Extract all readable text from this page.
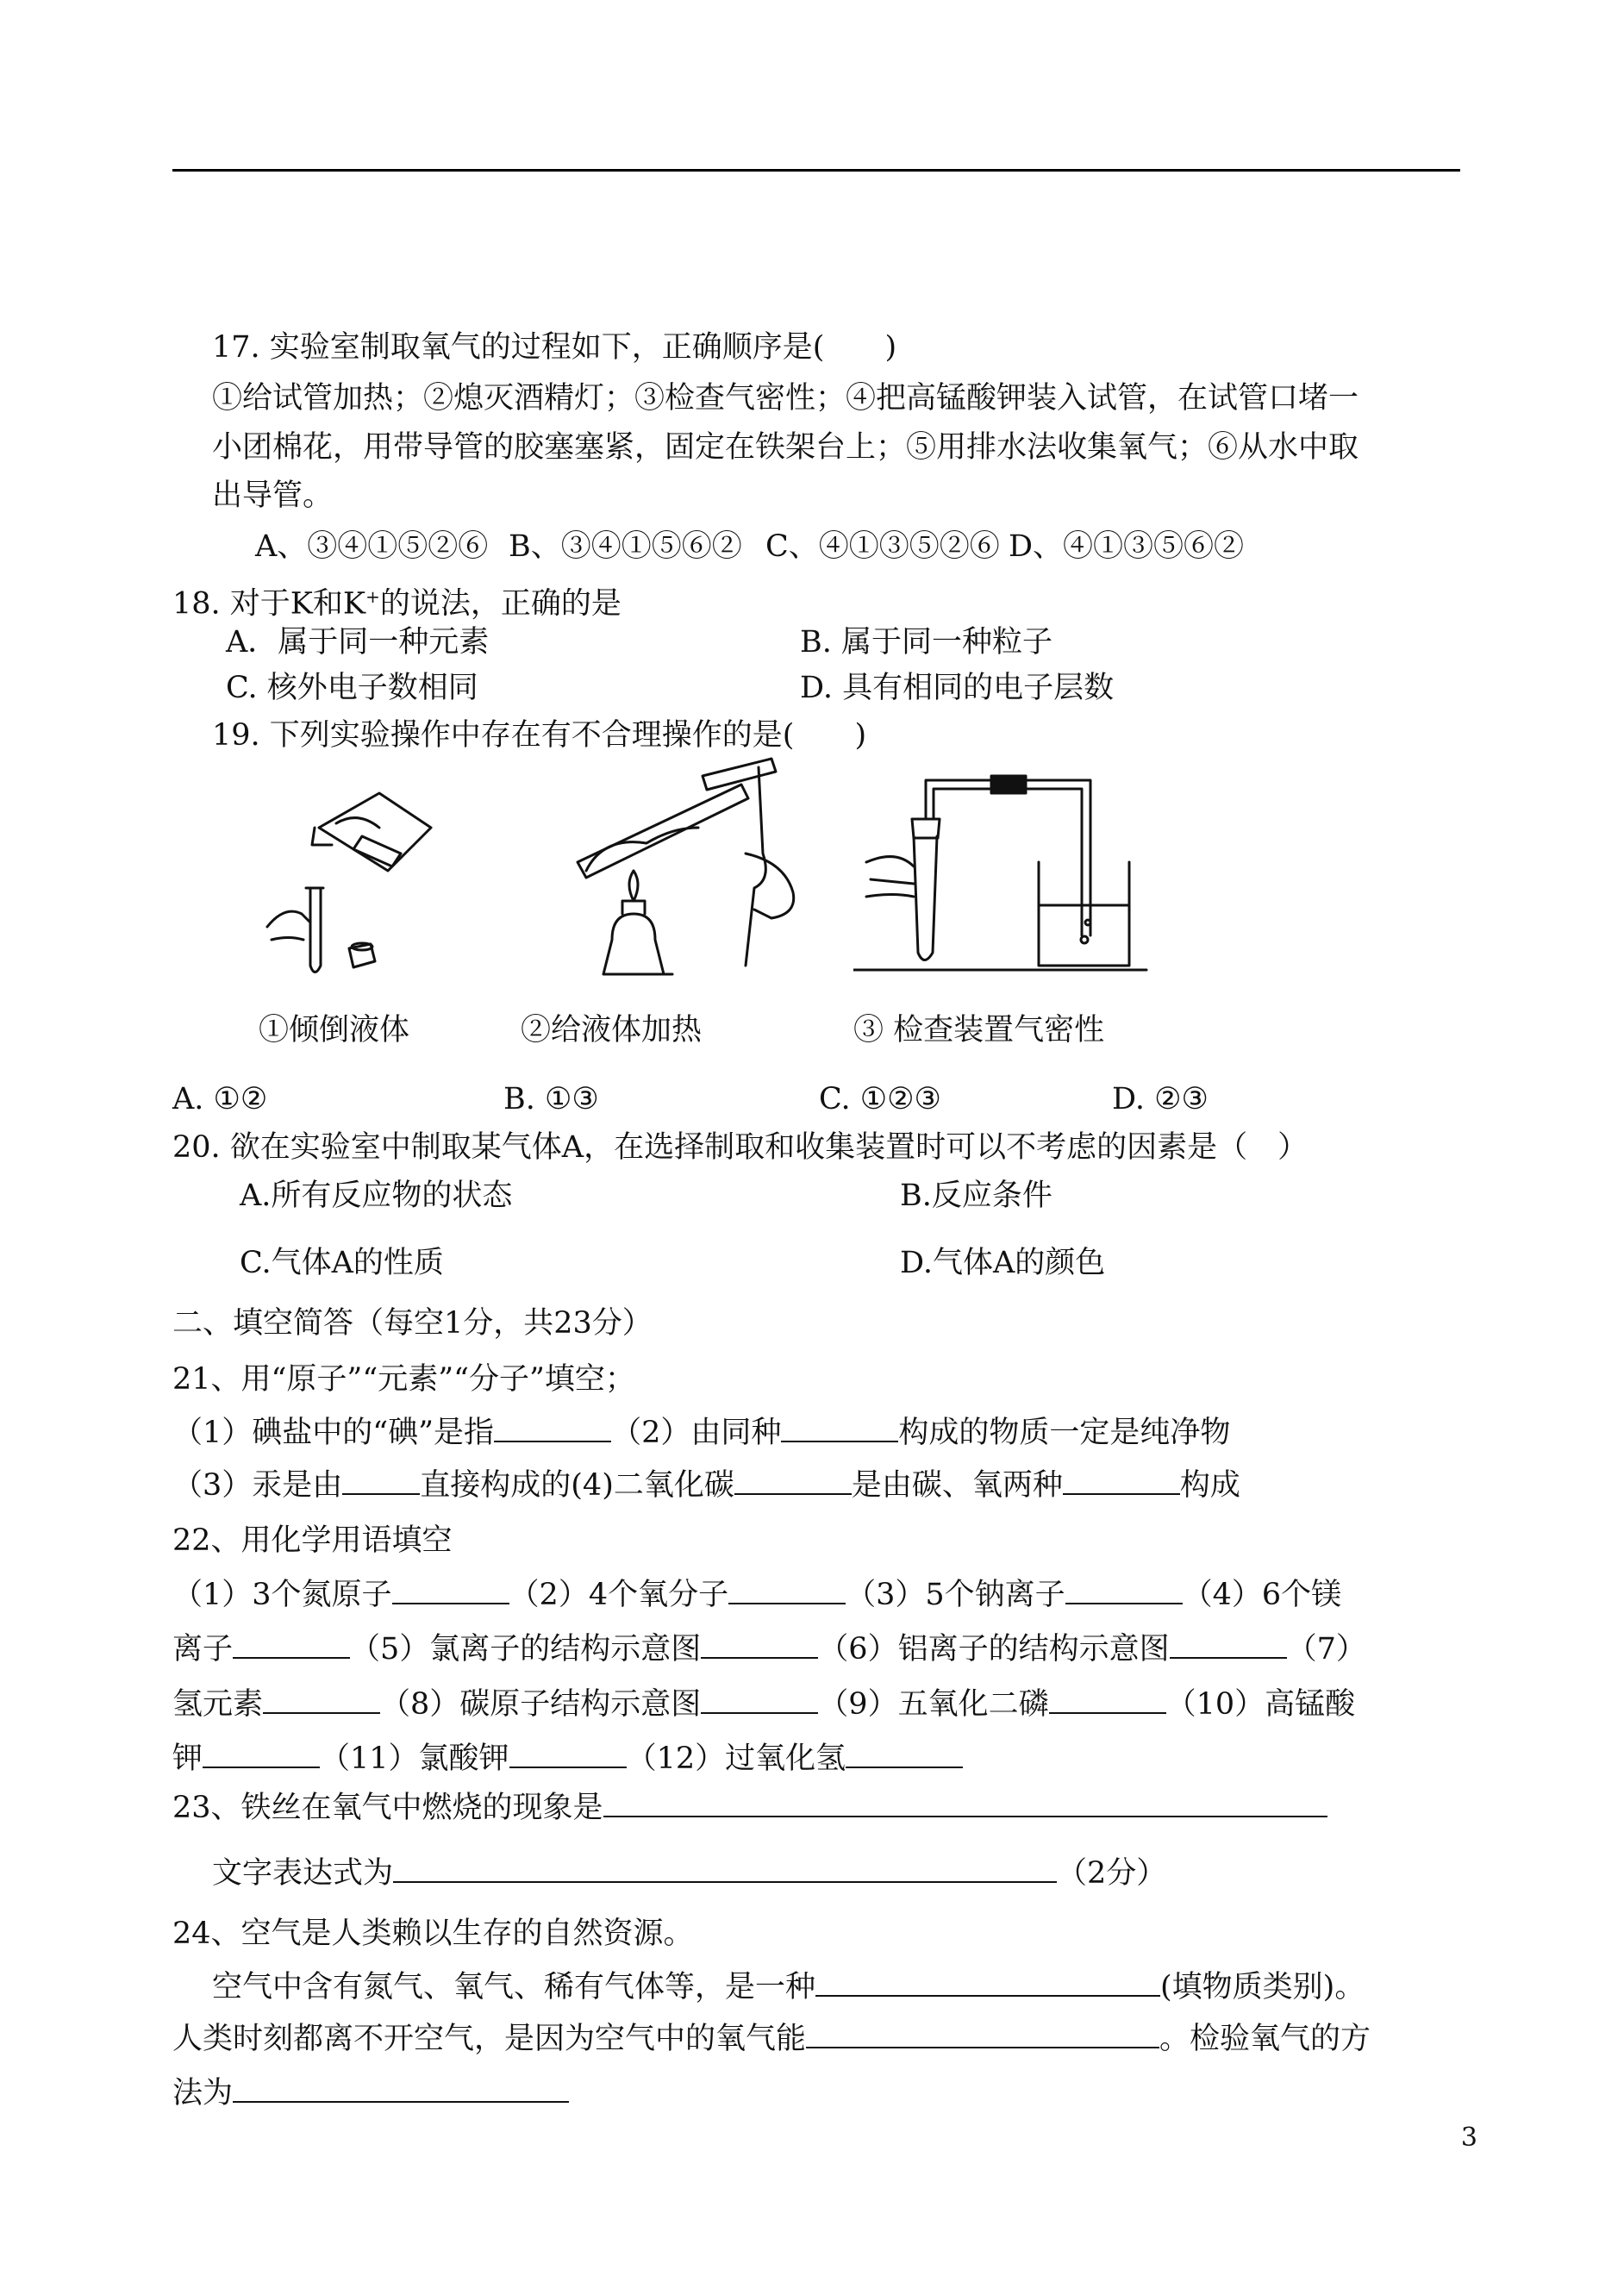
17. 实验室制取氧气的过程如下，正确顺序是(　　)
①给试管加热；②熄灭酒精灯；③检查气密性；④把高锰酸钾装入试管，在试管口堵一
小团棉花，用带导管的胶塞塞紧，固定在铁架台上；⑤用排水法收集氧气；⑥从水中取
出导管。
A、③④①⑤②⑥ B、③④①⑤⑥② C、④①③⑤②⑥ D、④①③⑤⑥②
18. 对于K和K+的说法，正确的是
A．属于同一种元素	B. 属于同一种粒子
C. 核外电子数相同	D. 具有相同的电子层数
19. 下列实验操作中存在有不合理操作的是(　　)
①倾倒液体	②给液体加热	③ 检查装置气密性
A. ①②	B. ①③	C. ①②③	D. ②③
20. 欲在实验室中制取某气体A，在选择制取和收集装置时可以不考虑的因素是（　）
A.所有反应物的状态	B.反应条件
C.气体A的性质	D.气体A的颜色
二、填空简答（每空1分，共23分）
21、用“原子”“元素”“分子”填空；
（1）碘盐中的“碘”是指	（2）由同种	构成的物质一定是纯净物
（3）汞是由	直接构成的(4)二氧化碳	是由碳、氧两种	构成
22、用化学用语填空
（1）3个氮原子	（2）4个氧分子	（3）5个钠离子	（4）6个镁
离子	（5）氯离子的结构示意图	（6）铝离子的结构示意图	（7）
氢元素	（8）碳原子结构示意图	（9）五氧化二磷	（10）高锰酸
钾	（11）氯酸钾	（12）过氧化氢
23、铁丝在氧气中燃烧的现象是
文字表达式为	（2分）
24、空气是人类赖以生存的自然资源。
空气中含有氮气、氧气、稀有气体等，是一种	(填物质类别)。
人类时刻都离不开空气，是因为空气中的氧气能	。检验氧气的方
法为
3
